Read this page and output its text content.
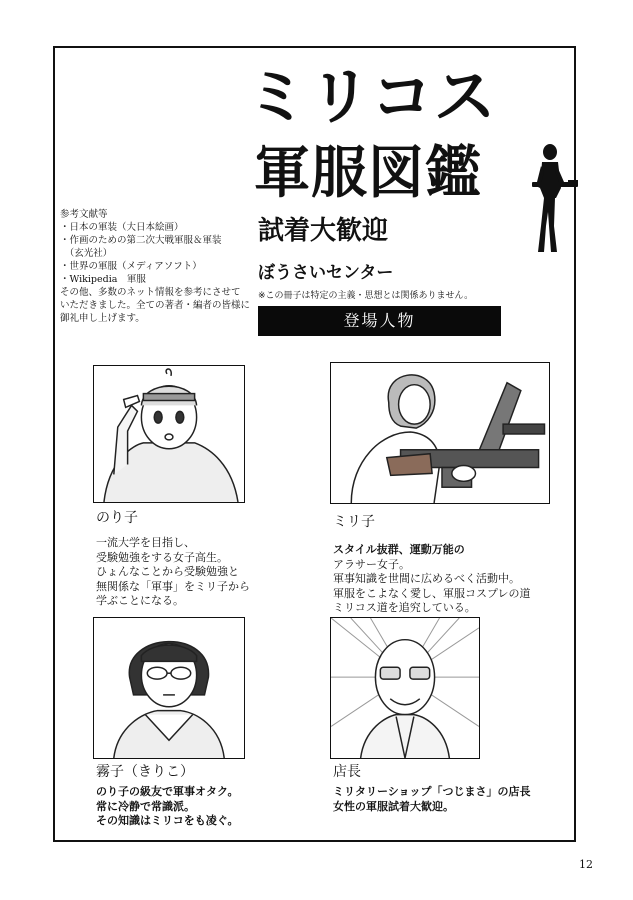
ミリコス
軍服図鑑
試着大歓迎
ぼうさいセンター
※この冊子は特定の主義・思想とは関係ありません。
登場人物
参考文献等
・日本の軍装（大日本絵画）
・作画のための第二次大戦軍服＆軍装
　（玄光社）
・世界の軍服（メディアソフト）
・Wikipedia　軍服
その他、多数のネット情報を参考にさせて
いただきました。全ての著者・編者の皆様に
御礼申し上げます。
のり子
一流大学を目指し、
受験勉強をする女子高生。
ひょんなことから受験勉強と
無関係な「軍事」をミリ子から
学ぶことになる。
ミリ子
スタイル抜群、運動万能の
アラサー女子。
軍事知識を世間に広めるべく活動中。
軍服をこよなく愛し、軍服コスプレの道
ミリコス道を追究している。
霧子（きりこ）
のり子の級友で軍事オタク。
常に冷静で常識派。
その知識はミリコをも凌ぐ。
店長
ミリタリーショップ「つじまさ」の店長
女性の軍服試着大歓迎。
12
